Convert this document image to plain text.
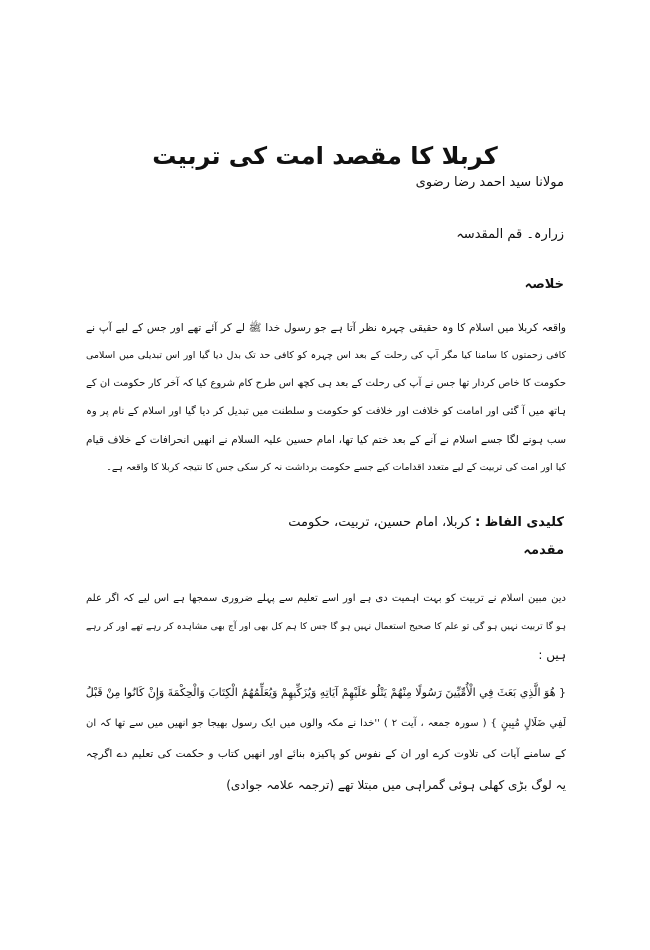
کربلا کا مقصد امت کی تربیت
مولانا سید احمد رضا رضوی
زرارہ۔ قم المقدسہ
خلاصہ
واقعہ کربلا میں اسلام کا وہ حقیقی چہرہ نظر آتا ہے جو رسول خدا ﷺ لے کر آئے تھے اور جس کے لیے آپ نے
کافی زحمتوں کا سامنا کیا مگر آپ کی رحلت کے بعد اس چہرہ کو کافی حد تک بدل دیا گیا اور اس تبدیلی میں اسلامی
حکومت کا خاص کردار تھا جس نے آپ کی رحلت کے بعد ہی کچھ اس طرح کام شروع کیا کہ آخر کار حکومت ان کے
ہاتھ میں آ گئی اور امامت کو خلافت اور خلافت کو حکومت و سلطنت میں تبدیل کر دیا گیا اور اسلام کے نام پر وہ
سب ہونے لگا جسے اسلام نے آنے کے بعد ختم کیا تھا، امام حسین علیہ السلام نے انھیں انحرافات کے خلاف قیام
کیا اور امت کی تربیت کے لیے متعدد اقدامات کیے جسے حکومت برداشت نہ کر سکی جس کا نتیجہ کربلا کا واقعہ ہے۔
کلیدی الفاظ : کربلا، امام حسین، تربیت، حکومت
مقدمہ
دین مبین اسلام نے تربیت کو بہت اہمیت دی ہے اور اسے تعلیم سے پہلے ضروری سمجھا ہے اس لیے کہ اگر علم
ہو گا تربیت نہیں ہو گی تو علم کا صحیح استعمال نہیں ہو گا جس کا ہم کل بھی اور آج بھی مشاہدہ کر رہے تھے اور کر رہے
ہیں :
{ هُوَ الَّذِي بَعَثَ فِي الْأُمِّيِّينَ رَسُولًا مِنْهُمْ يَتْلُو عَلَيْهِمْ آيَاتِهِ وَيُزَكِّيهِمْ وَيُعَلِّمُهُمُ الْكِتَابَ وَالْحِكْمَةَ وَإِنْ كَانُوا مِنْ قَبْلُ
لَفِي ضَلَالٍ مُبِينٍ } ( سورہ جمعہ ، آیت ۲ ) ''خدا نے مکہ والوں میں ایک رسول بھیجا جو انھیں میں سے تھا کہ ان
کے سامنے آیات کی تلاوت کرے اور ان کے نفوس کو پاکیزہ بنائے اور انھیں کتاب و حکمت کی تعلیم دے اگرچہ
یہ لوگ بڑی کھلی ہوئی گمراہی میں مبتلا تھے (ترجمہ علامہ جوادی)
